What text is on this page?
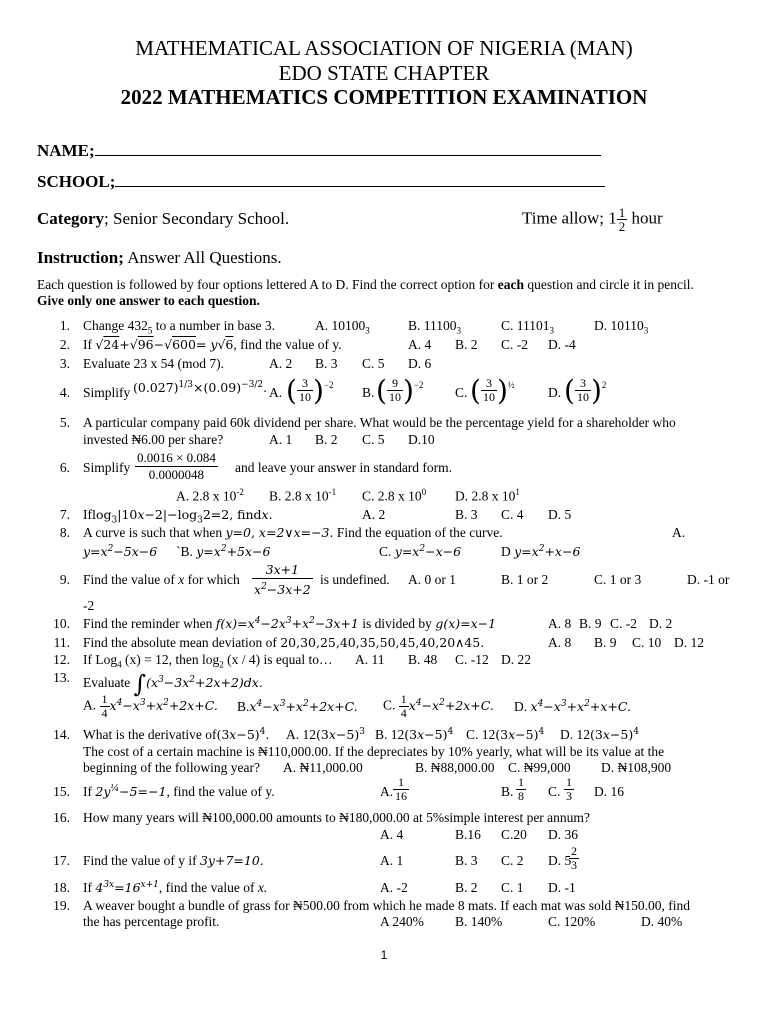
MATHEMATICAL ASSOCIATION OF NIGERIA (MAN)
EDO STATE CHAPTER
2022 MATHEMATICS COMPETITION EXAMINATION
NAME;
SCHOOL;
Category; Senior Secondary School.	Time allow; $1 \frac{1}{2}$ hour
Instruction; Answer All Questions.
Each question is followed by four options lettered A to D. Find the correct option for each question and circle it in pencil.
Give only one answer to each question.
1. Change $432_5$ to a number in base 3.	A. $10100_3$	B. $11100_3$	C. $11101_3$	D. $10110_3$
2. If √24+√96−√600= y√6, find the value of y.	A. 4 B. 2 C. -2 D. -4
3. Evaluate 23 x 54 (mod 7).	A. 2 B. 3 C. 5 D. 6
4. Simplify $(0.027)^{1/3}\times(0.09)^{-3/2}$. A. ( $\frac{3}{10} )^{-2}$ B. ( $\frac{9}{10} )^{-2}$ C. ( $\frac{3}{10} )^{\frac{1}{2}}$ D. ( $\frac{3}{10} )^2$
5. A particular company paid 60k dividend per share. What would be the percentage yield for a shareholder who
invested ₦6.00 per share?	A. 1 B. 2 C. 5 D.10
6. Simplify $\frac{0.0016 \times 0.084}{0.0000048}$ and leave your answer in standard form.
A. 2.8 x $10^{-2}$ B. 2.8 x $10^{-1}$ C. 2.8 x $10^0$ D. 2.8 x $10^1$
7. $Iflog_3|10x-2|-\log_32=2$, findx.	A. 2	B. 3 C. 4 D. 5
8. A curve is such that when y=0, x=2∨x=−3. Find the equation of the curve.	A.
$y=x^2-5x-6$ `B. $y=x^2+5x-6$	C. $y=x^2-x-6$	D $y=x^2+x-6$
9. Find the value of x for which $\frac{3x+1}{x^2-3x+2}$ is undefined. A. 0 or 1	B. 1 or 2	C. 1 or 3	D. -1 or
-2
10. Find the reminder when $f(x)=x^4-2x^3+x^2-3x+1$ is divided by g(x)=x−1	A. 8 B. 9 C. -2 D. 2
11. Find the absolute mean deviation of 20,30,25,40,35,50,45,40,20∧45.	A. 8 B. 9 C. 10 D. 12
12. If Log$_4$ (x) = 12, then $\log_2 (x / 4)$ is equal to… A. 11 B. 48 C. -12 D. 22
13. Evaluate $\int(x^3-3x^2+2x+2)dx$.
A. $\frac{1}{4} x^4-x^3+x^2+2x+C$. $B.x^4-x^3+x^2+2x+C$. C. $\frac{1}{4} x^4-x^2+2x+C$. D. $x^4-x^3+x^2+x+C$.
14. What is the derivative $of(3x-5)^4$. A. $12(3x-5)^3$ B. $12(3x-5)^4$ C. $12(3x-5)^4$ D. $12(3x-5)^4$
The cost of a certain machine is ₦110,000.00. If the depreciates by 10% yearly, what will be its value at the
beginning of the following year? A. ₦11,000.00	B. ₦88,000.00 C. ₦99,000 D. ₦108,900
15. If $2y^{\frac{1}{4}}-5=-1$, find the value of y.	A. $\frac{1}{16}$	B. $\frac{1}{8} C$. $\frac{1}{3} D$. 16
16. How many years will ₦100,000.00 amounts to ₦180,000.00 at 5%simple interest per annum?
A. 4	B.16 C.20 D. 36
17. Find the value of y if 3y+7=10.	A. 1	B. 3 C. 2 D. 5
$\frac{2}{3}$
18. If $4^{3x}=16^{x+1}$, find the value of x.	A. -2	B. 2 C. 1 D. -1
19. A weaver bought a bundle of grass for ₦500.00 from which he made 8 mats. If each mat was sold ₦150.00, find
the has percentage profit.	A 240% B. 140%	C. 120%	D. 40%
1
